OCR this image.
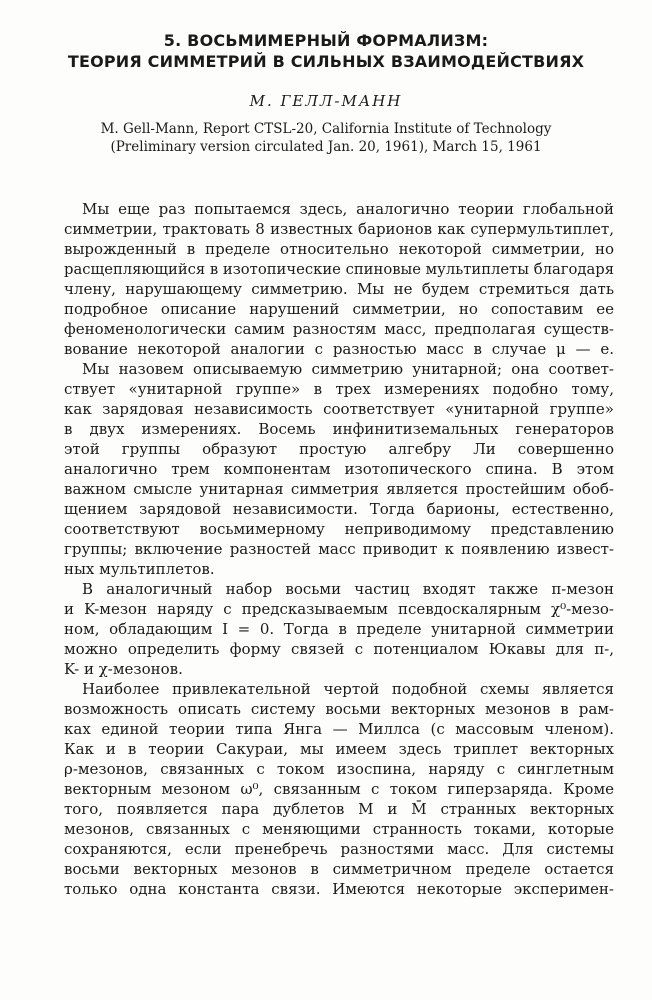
5. ВОСЬМИМЕРНЫЙ ФОРМАЛИЗМ:
ТЕОРИЯ СИММЕТРИЙ В СИЛЬНЫХ ВЗАИМОДЕЙСТВИЯХ

М. ГЕЛЛ-МАНН

M. Gell-Mann, Report CTSL-20, California Institute of Technology

(Preliminary version circulated Jan. 20, 1961), March 15, 1961

Мы еще раз попытаемся здесь, аналогично теории глобальной

симметрии, трактовать 8 известных барионов как супермультиплет,

вырожденный в пределе относительно некоторой симметрии, но

расщепляющийся в изотопические спиновые мультиплеты благодаря

члену, нарушающему симметрию. Мы не будем стремиться дать

подробное описание нарушений симметрии, но сопоставим ее

феноменологически самим разностям масс, предполагая существ-

вование некоторой аналогии с разностью масс в случае μ — e.

Мы назовем описываемую симметрию унитарной; она соответ-

ствует «унитарной группе» в трех измерениях подобно тому,

как зарядовая независимость соответствует «унитарной группе»

в двух измерениях. Восемь инфинитиземальных генераторов

этой группы образуют простую алгебру Ли совершенно

аналогично трем компонентам изотопического спина. В этом

важном смысле унитарная симметрия является простейшим обоб-

щением зарядовой независимости. Тогда барионы, естественно,

соответствуют восьмимерному неприводимому представлению

группы; включение разностей масс приводит к появлению извест-

ных мультиплетов.

В аналогичный набор восьми частиц входят также π-мезон

и K-мезон наряду с предсказываемым псевдоскалярным χ⁰-мезо-

ном, обладающим I = 0. Тогда в пределе унитарной симметрии

можно определить форму связей с потенциалом Юкавы для π-,

K- и χ-мезонов.

Наиболее привлекательной чертой подобной схемы является

возможность описать систему восьми векторных мезонов в рам-

ках единой теории типа Янга — Миллса (с массовым членом).

Как и в теории Сакураи, мы имеем здесь триплет векторных

ρ-мезонов, связанных с током изоспина, наряду с синглетным

векторным мезоном ω⁰, связанным с током гиперзаряда. Кроме

того, появляется пара дублетов M и M̄ странных векторных

мезонов, связанных с меняющими странность токами, которые

сохраняются, если пренебречь разностями масс. Для системы

восьми векторных мезонов в симметричном пределе остается

только одна константа связи. Имеются некоторые эксперимен-
